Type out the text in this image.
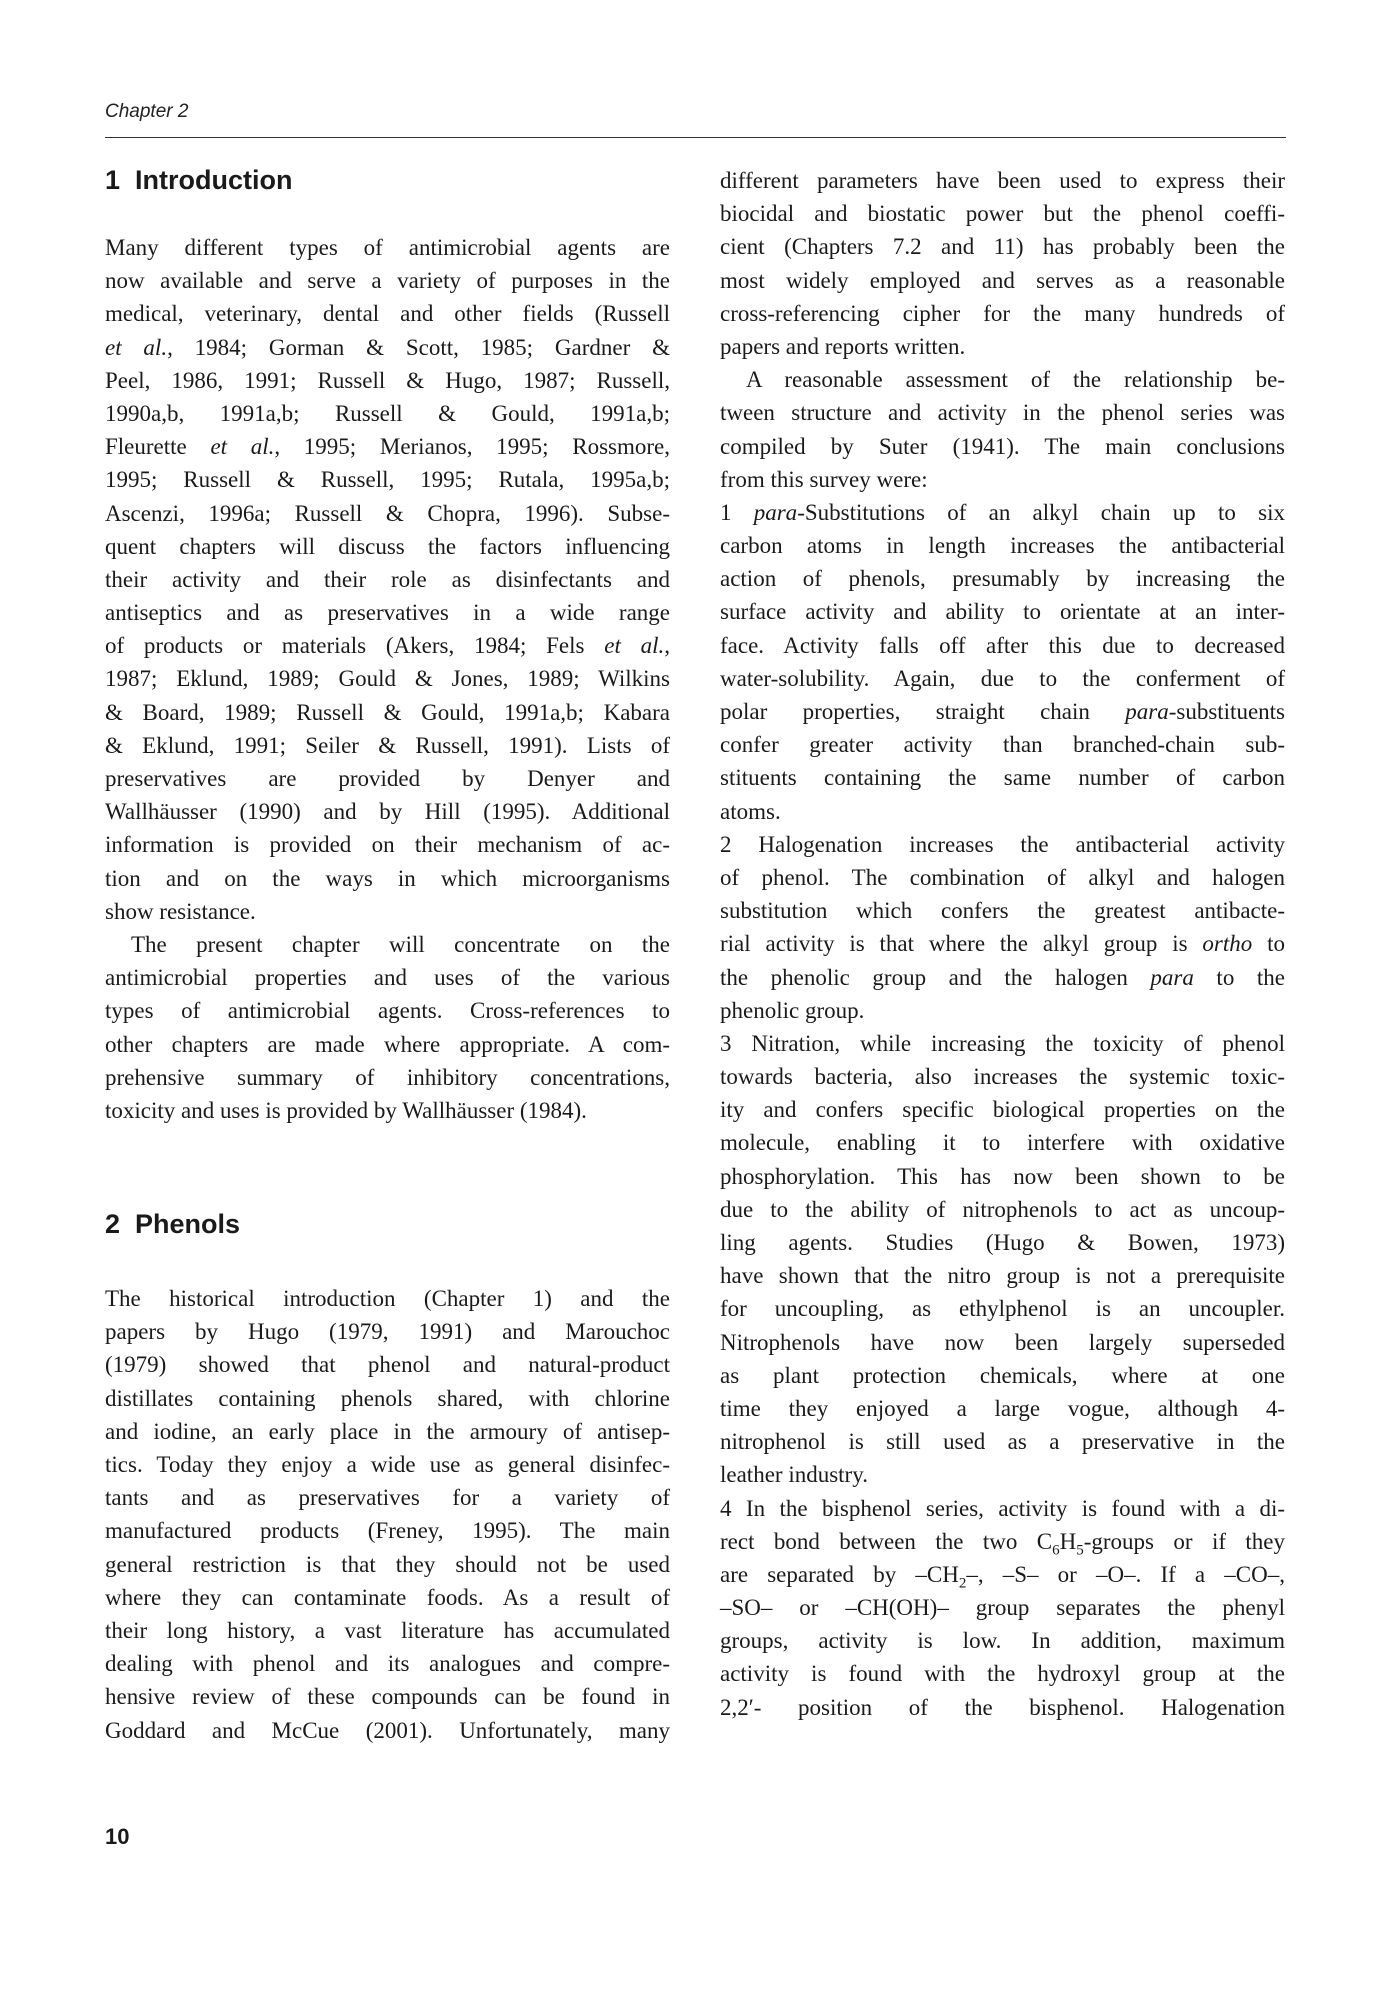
Chapter 2
1  Introduction
Many different types of antimicrobial agents are
now available and serve a variety of purposes in the
medical, veterinary, dental and other fields (Russell
et al., 1984; Gorman & Scott, 1985; Gardner &
Peel, 1986, 1991; Russell & Hugo, 1987; Russell,
1990a,b, 1991a,b; Russell & Gould, 1991a,b;
Fleurette et al., 1995; Merianos, 1995; Rossmore,
1995; Russell & Russell, 1995; Rutala, 1995a,b;
Ascenzi, 1996a; Russell & Chopra, 1996). Subse-
quent chapters will discuss the factors influencing
their activity and their role as disinfectants and
antiseptics and as preservatives in a wide range
of products or materials (Akers, 1984; Fels et al.,
1987; Eklund, 1989; Gould & Jones, 1989; Wilkins
& Board, 1989; Russell & Gould, 1991a,b; Kabara
& Eklund, 1991; Seiler & Russell, 1991). Lists of
preservatives are provided by Denyer and
Wallhäusser (1990) and by Hill (1995). Additional
information is provided on their mechanism of ac-
tion and on the ways in which microorganisms
show resistance.
The present chapter will concentrate on the
antimicrobial properties and uses of the various
types of antimicrobial agents. Cross-references to
other chapters are made where appropriate. A com-
prehensive summary of inhibitory concentrations,
toxicity and uses is provided by Wallhäusser (1984).
2  Phenols
The historical introduction (Chapter 1) and the
papers by Hugo (1979, 1991) and Marouchoc
(1979) showed that phenol and natural-product
distillates containing phenols shared, with chlorine
and iodine, an early place in the armoury of antisep-
tics. Today they enjoy a wide use as general disinfec-
tants and as preservatives for a variety of
manufactured products (Freney, 1995). The main
general restriction is that they should not be used
where they can contaminate foods. As a result of
their long history, a vast literature has accumulated
dealing with phenol and its analogues and compre-
hensive review of these compounds can be found in
Goddard and McCue (2001). Unfortunately, many
different parameters have been used to express their
biocidal and biostatic power but the phenol coeffi-
cient (Chapters 7.2 and 11) has probably been the
most widely employed and serves as a reasonable
cross-referencing cipher for the many hundreds of
papers and reports written.
A reasonable assessment of the relationship be-
tween structure and activity in the phenol series was
compiled by Suter (1941). The main conclusions
from this survey were:
1 para-Substitutions of an alkyl chain up to six
carbon atoms in length increases the antibacterial
action of phenols, presumably by increasing the
surface activity and ability to orientate at an inter-
face. Activity falls off after this due to decreased
water-solubility. Again, due to the conferment of
polar properties, straight chain para-substituents
confer greater activity than branched-chain sub-
stituents containing the same number of carbon
atoms.
2 Halogenation increases the antibacterial activity
of phenol. The combination of alkyl and halogen
substitution which confers the greatest antibacte-
rial activity is that where the alkyl group is ortho to
the phenolic group and the halogen para to the
phenolic group.
3 Nitration, while increasing the toxicity of phenol
towards bacteria, also increases the systemic toxic-
ity and confers specific biological properties on the
molecule, enabling it to interfere with oxidative
phosphorylation. This has now been shown to be
due to the ability of nitrophenols to act as uncoup-
ling agents. Studies (Hugo & Bowen, 1973)
have shown that the nitro group is not a prerequisite
for uncoupling, as ethylphenol is an uncoupler.
Nitrophenols have now been largely superseded
as plant protection chemicals, where at one
time they enjoyed a large vogue, although 4-
nitrophenol is still used as a preservative in the
leather industry.
4 In the bisphenol series, activity is found with a di-
rect bond between the two $C_6H_5$-groups or if they
are separated by $-CH_2-$, –S– or –O–. If a –CO–,
–SO– or –CH(OH)– group separates the phenyl
groups, activity is low. In addition, maximum
activity is found with the hydroxyl group at the
2,2′- position of the bisphenol. Halogenation
10
